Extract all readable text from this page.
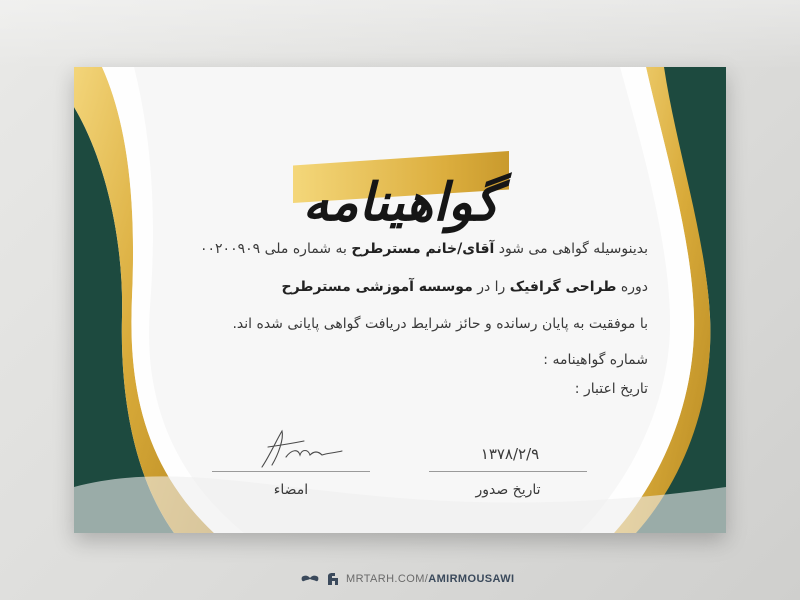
گواهینامه
بدینوسیله گواهی می شود آقای/خانم مسترطرح به شماره ملی ۰۰۲۰۰۹۰۹
دوره طراحی گرافیک را در موسسه آموزشی مسترطرح
با موفقیت به پایان رسانده و حائز شرایط دریافت گواهی پایانی شده اند.
شماره گواهینامه :
تاریخ اعتبار :
۱۳۷۸/۲/۹
تاریخ صدور
امضاء
MRTARH.COM/AMIRMOUSAWI
